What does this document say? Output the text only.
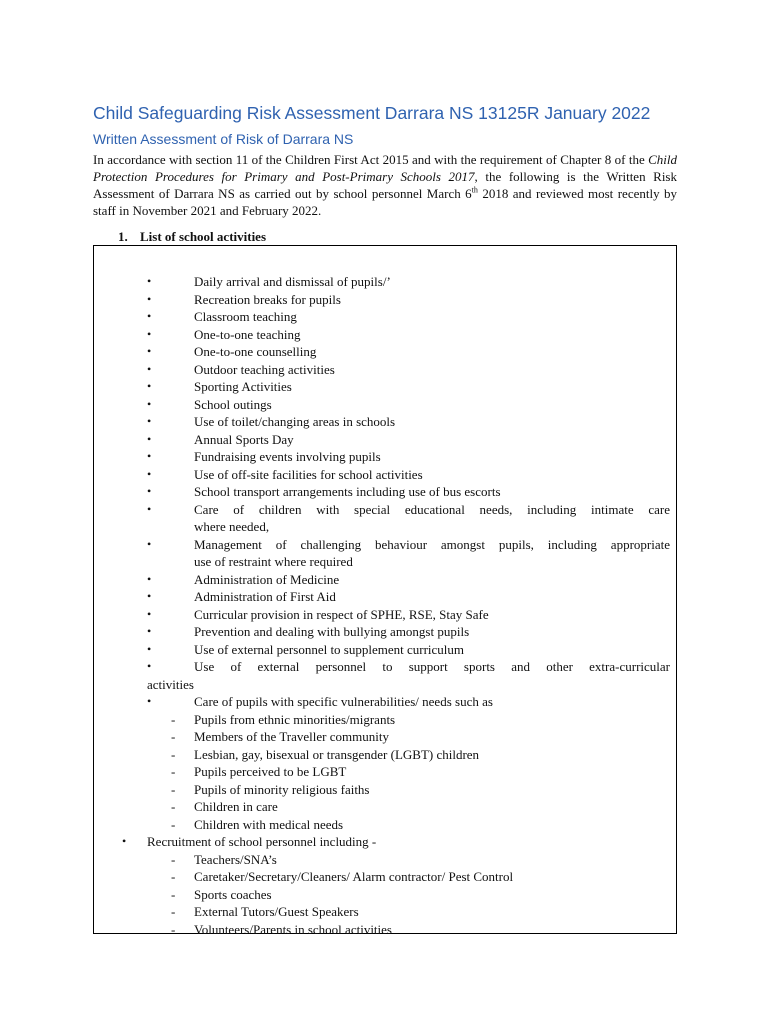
Child Safeguarding Risk Assessment Darrara NS 13125R January 2022
Written Assessment of Risk of Darrara NS

In accordance with section 11 of the Children First Act 2015 and with the requirement of Chapter 8 of the Child Protection Procedures for Primary and Post-Primary Schools 2017, the following is the Written Risk Assessment of Darrara NS as carried out by school personnel March 6th 2018 and reviewed most recently by staff in November 2021 and February 2022.

1. List of school activities
•	Daily arrival and dismissal of pupils/’
•	Recreation breaks for pupils
•	Classroom teaching
•	One-to-one teaching
•	One-to-one counselling
•	Outdoor teaching activities
•	Sporting Activities
•	School outings
•	Use of toilet/changing areas in schools
•	Annual Sports Day
•	Fundraising events involving pupils
•	Use of off-site facilities for school activities
•	School transport arrangements including use of bus escorts
•	Care of children with special educational needs, including intimate care
where needed,
•	Management of challenging behaviour amongst pupils, including appropriate
use of restraint where required
•	Administration of Medicine
•	Administration of First Aid
•	Curricular provision in respect of SPHE, RSE, Stay Safe
•	Prevention and dealing with bullying amongst pupils
•	Use of external personnel to supplement curriculum
•	Use of external personnel to support sports and other extra-curricular
activities
•	Care of pupils with specific vulnerabilities/ needs such as
- Pupils from ethnic minorities/migrants
- Members of the Traveller community
- Lesbian, gay, bisexual or transgender (LGBT) children
- Pupils perceived to be LGBT
- Pupils of minority religious faiths
- Children in care
- Children with medical needs
• Recruitment of school personnel including -
- Teachers/SNA’s
- Caretaker/Secretary/Cleaners/ Alarm contractor/ Pest Control
- Sports coaches
- External Tutors/Guest Speakers
- Volunteers/Parents in school activities
